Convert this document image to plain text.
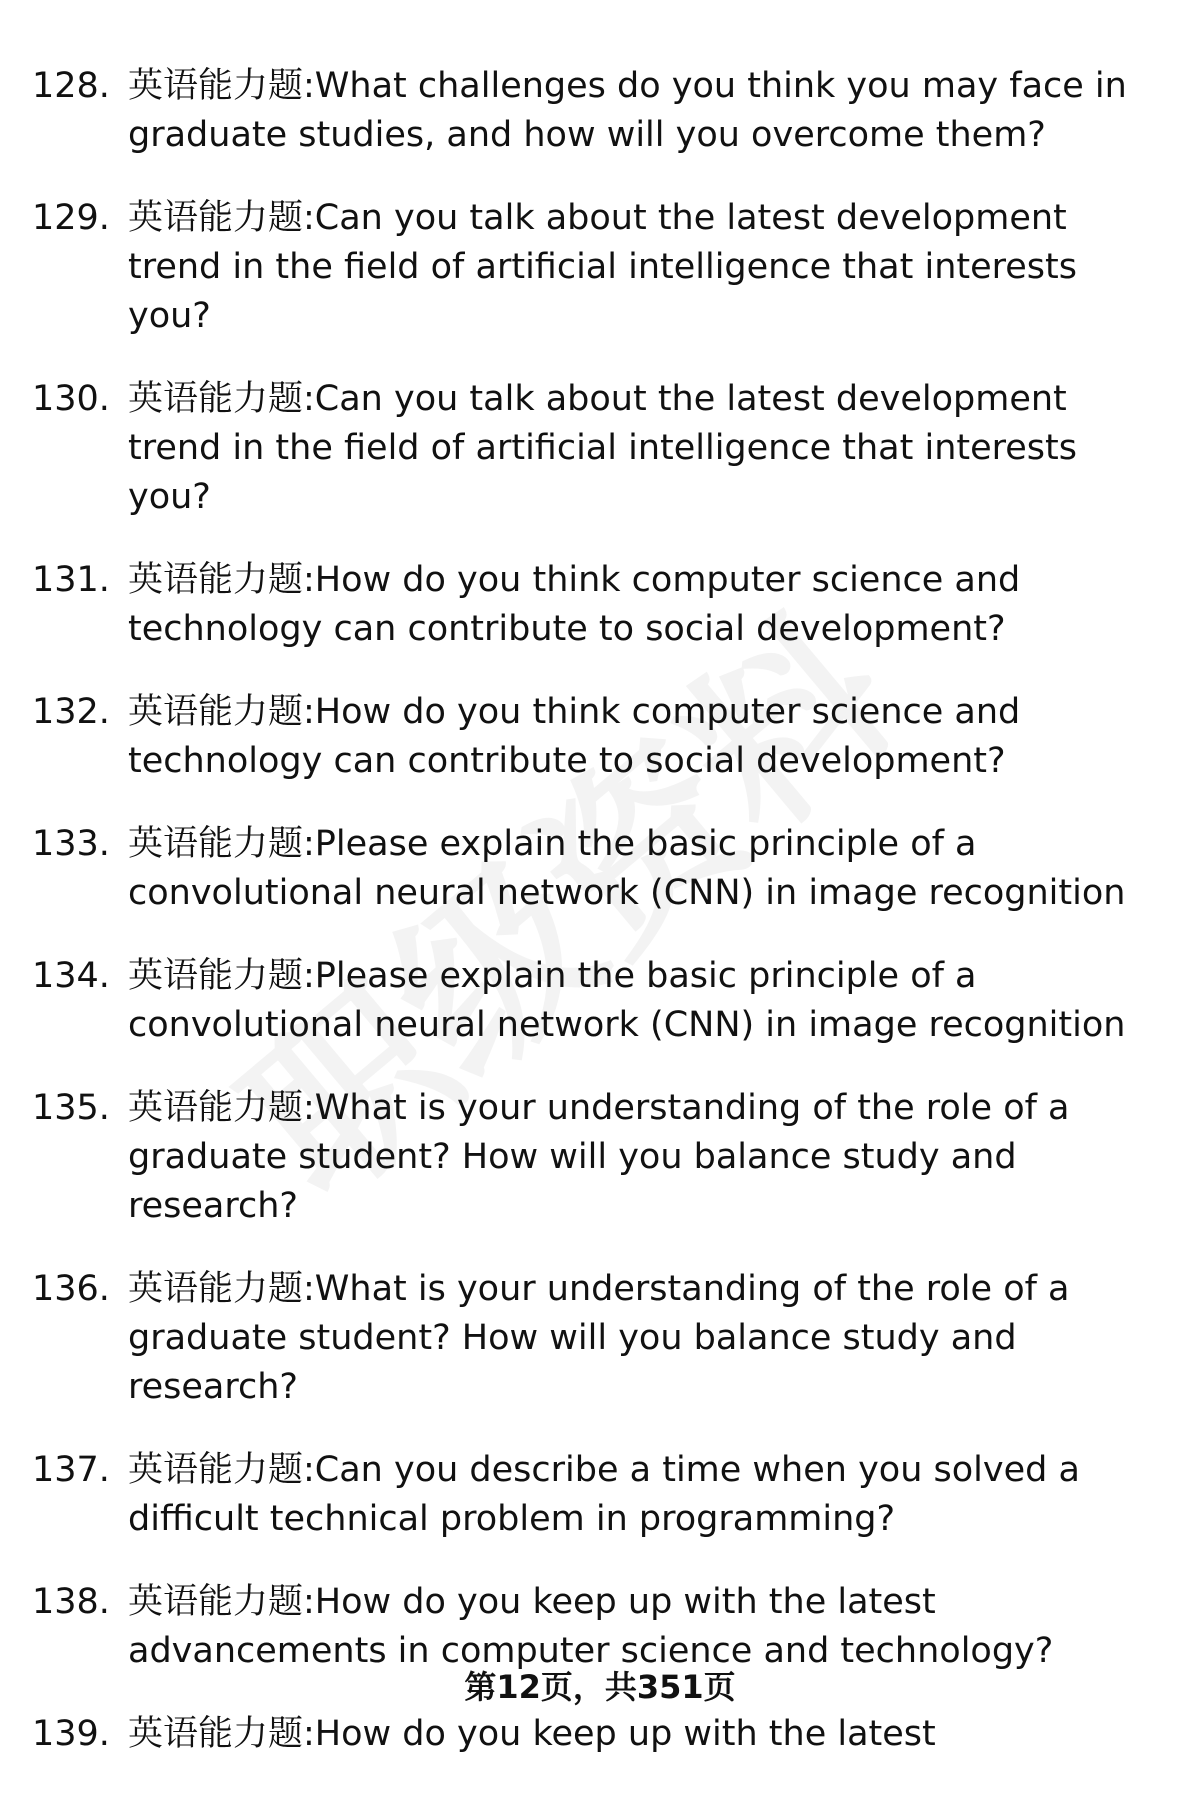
128. 英语能力题:What challenges do you think you may face in graduate studies, and how will you overcome them?
129. 英语能力题:Can you talk about the latest development trend in the field of artificial intelligence that interests you?
130. 英语能力题:Can you talk about the latest development trend in the field of artificial intelligence that interests you?
131. 英语能力题:How do you think computer science and technology can contribute to social development?
132. 英语能力题:How do you think computer science and technology can contribute to social development?
133. 英语能力题:Please explain the basic principle of a convolutional neural network (CNN) in image recognition
134. 英语能力题:Please explain the basic principle of a convolutional neural network (CNN) in image recognition
135. 英语能力题:What is your understanding of the role of a graduate student? How will you balance study and research?
136. 英语能力题:What is your understanding of the role of a graduate student? How will you balance study and research?
137. 英语能力题:Can you describe a time when you solved a difficult technical problem in programming?
138. 英语能力题:How do you keep up with the latest advancements in computer science and technology?
139. 英语能力题:How do you keep up with the latest
第12页，共351页
